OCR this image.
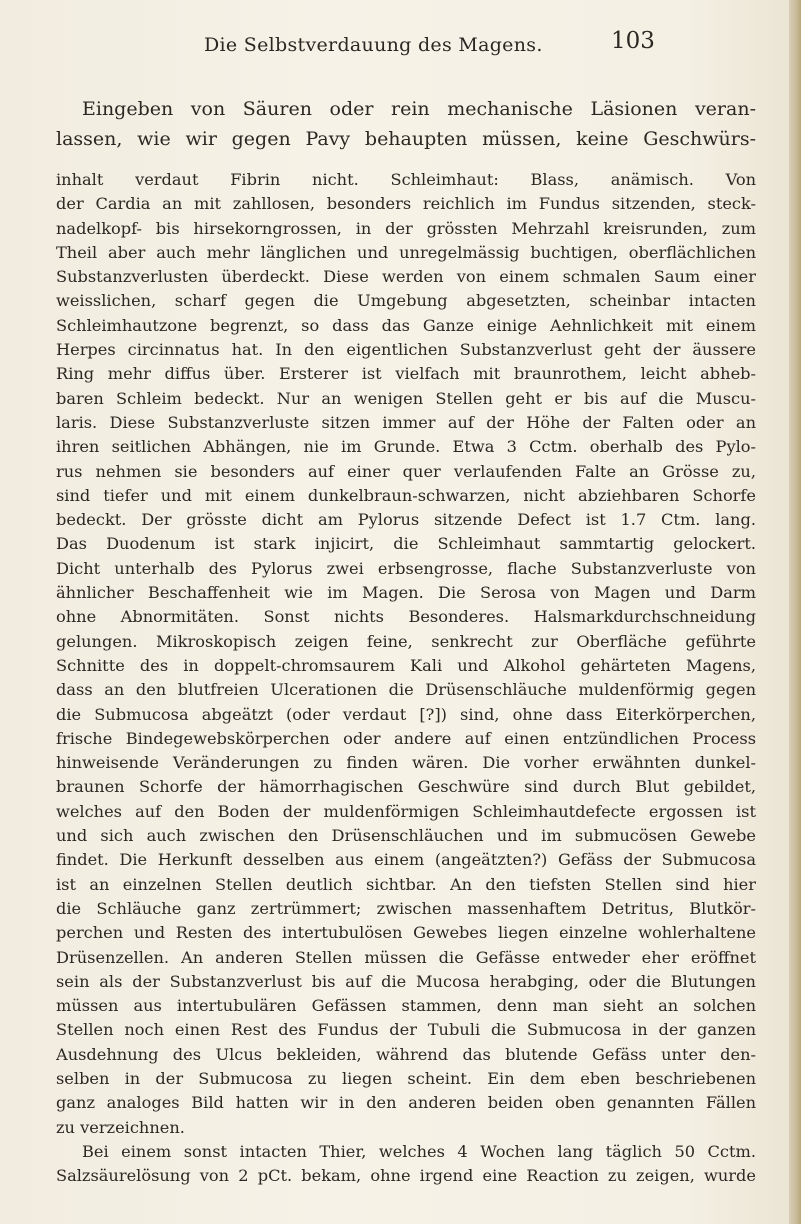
Die Selbstverdauung des Magens.	103
Eingeben von Säuren oder rein mechanische Läsionen veran-
lassen, wie wir gegen Pavy behaupten müssen, keine Geschwürs-
inhalt verdaut Fibrin nicht. Schleimhaut: Blass, anämisch. Von
der Cardia an mit zahllosen, besonders reichlich im Fundus sitzenden, steck-
nadelkopf- bis hirsekorngrossen, in der grössten Mehrzahl kreisrunden, zum
Theil aber auch mehr länglichen und unregelmässig buchtigen, oberflächlichen
Substanzverlusten überdeckt. Diese werden von einem schmalen Saum einer
weisslichen, scharf gegen die Umgebung abgesetzten, scheinbar intacten
Schleimhautzone begrenzt, so dass das Ganze einige Aehnlichkeit mit einem
Herpes circinnatus hat. In den eigentlichen Substanzverlust geht der äussere
Ring mehr diffus über. Ersterer ist vielfach mit braunrothem, leicht abheb-
baren Schleim bedeckt. Nur an wenigen Stellen geht er bis auf die Muscu-
laris. Diese Substanzverluste sitzen immer auf der Höhe der Falten oder an
ihren seitlichen Abhängen, nie im Grunde. Etwa 3 Cctm. oberhalb des Pylo-
rus nehmen sie besonders auf einer quer verlaufenden Falte an Grösse zu,
sind tiefer und mit einem dunkelbraun-schwarzen, nicht abziehbaren Schorfe
bedeckt. Der grösste dicht am Pylorus sitzende Defect ist 1.7 Ctm. lang.
Das Duodenum ist stark injicirt, die Schleimhaut sammtartig gelockert.
Dicht unterhalb des Pylorus zwei erbsengrosse, flache Substanzverluste von
ähnlicher Beschaffenheit wie im Magen. Die Serosa von Magen und Darm
ohne Abnormitäten. Sonst nichts Besonderes. Halsmarkdurchschneidung
gelungen. Mikroskopisch zeigen feine, senkrecht zur Oberfläche geführte
Schnitte des in doppelt-chromsaurem Kali und Alkohol gehärteten Magens,
dass an den blutfreien Ulcerationen die Drüsenschläuche muldenförmig gegen
die Submucosa abgeätzt (oder verdaut [?]) sind, ohne dass Eiterkörperchen,
frische Bindegewebskörperchen oder andere auf einen entzündlichen Process
hinweisende Veränderungen zu finden wären. Die vorher erwähnten dunkel-
braunen Schorfe der hämorrhagischen Geschwüre sind durch Blut gebildet,
welches auf den Boden der muldenförmigen Schleimhautdefecte ergossen ist
und sich auch zwischen den Drüsenschläuchen und im submucösen Gewebe
findet. Die Herkunft desselben aus einem (angeätzten?) Gefäss der Submucosa
ist an einzelnen Stellen deutlich sichtbar. An den tiefsten Stellen sind hier
die Schläuche ganz zertrümmert; zwischen massenhaftem Detritus, Blutkör-
perchen und Resten des intertubulösen Gewebes liegen einzelne wohlerhaltene
Drüsenzellen. An anderen Stellen müssen die Gefässe entweder eher eröffnet
sein als der Substanzverlust bis auf die Mucosa herabging, oder die Blutungen
müssen aus intertubulären Gefässen stammen, denn man sieht an solchen
Stellen noch einen Rest des Fundus der Tubuli die Submucosa in der ganzen
Ausdehnung des Ulcus bekleiden, während das blutende Gefäss unter den-
selben in der Submucosa zu liegen scheint. Ein dem eben beschriebenen
ganz analoges Bild hatten wir in den anderen beiden oben genannten Fällen
zu verzeichnen.
Bei einem sonst intacten Thier, welches 4 Wochen lang täglich 50 Cctm.
Salzsäurelösung von 2 pCt. bekam, ohne irgend eine Reaction zu zeigen, wurde
